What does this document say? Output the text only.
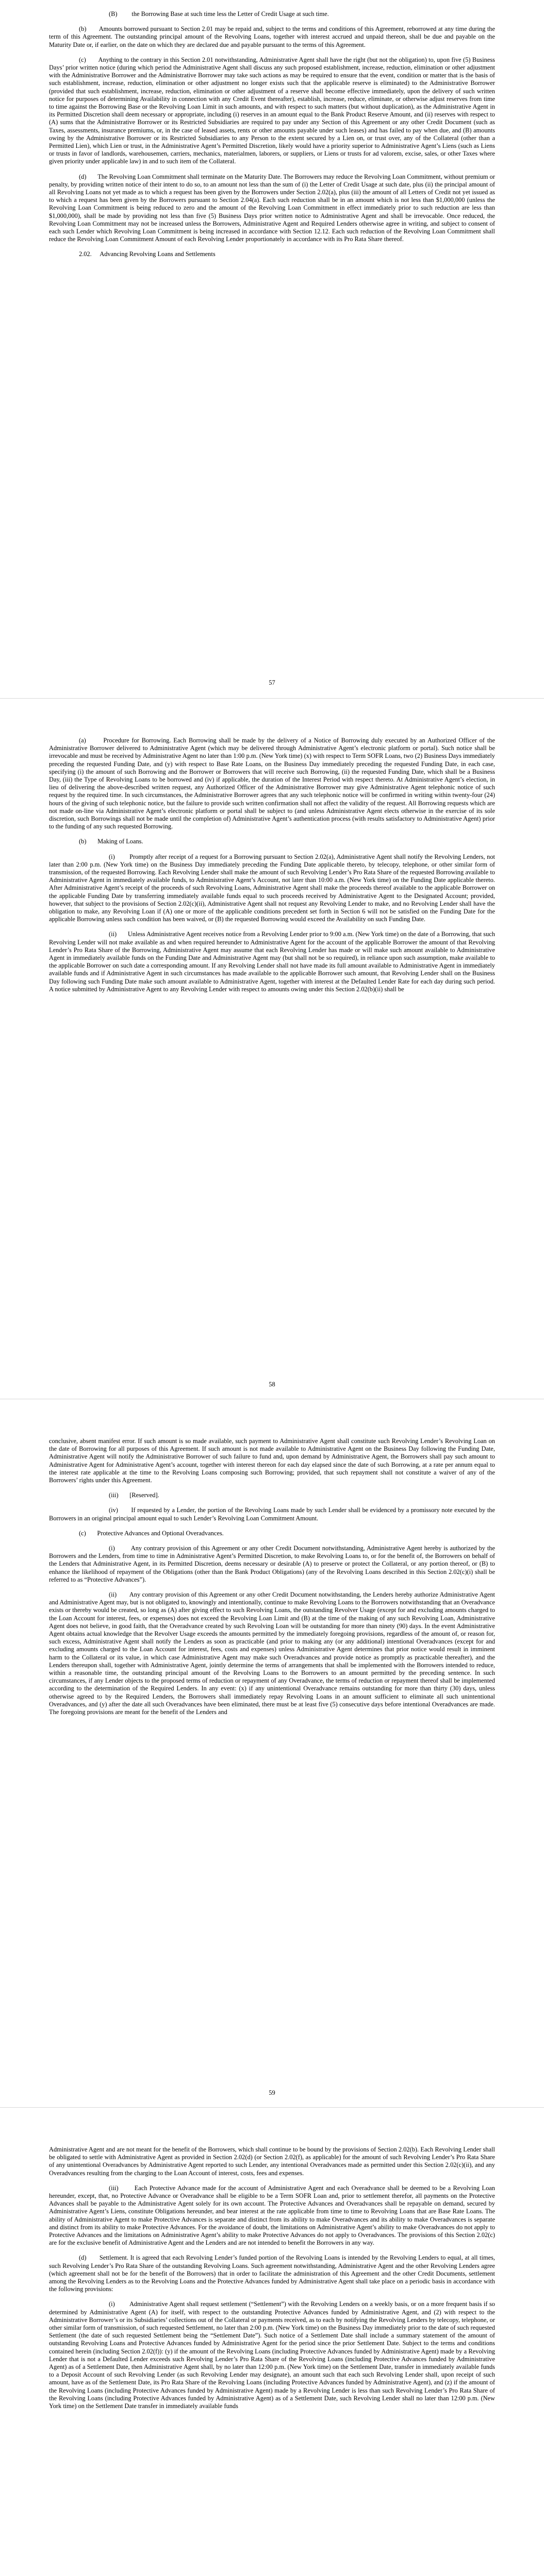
(B)         the Borrowing Base at such time less the Letter of Credit Usage at such time.

(b)       Amounts borrowed pursuant to Section 2.01 may be repaid and, subject to the terms and conditions of this Agreement, reborrowed at any time during the term of this Agreement. The outstanding principal amount of the Revolving Loans, together with interest accrued and unpaid thereon, shall be due and payable on the Maturity Date or, if earlier, on the date on which they are declared due and payable pursuant to the terms of this Agreement.

(c)       Anything to the contrary in this Section 2.01 notwithstanding, Administrative Agent shall have the right (but not the obligation) to, upon five (5) Business Days’ prior written notice (during which period the Administrative Agent shall discuss any such proposed establishment, increase, reduction, elimination or other adjustment with the Administrative Borrower and the Administrative Borrower may take such actions as may be required to ensure that the event, condition or matter that is the basis of such establishment, increase, reduction, elimination or other adjustment no longer exists such that the applicable reserve is eliminated) to the Administrative Borrower (provided that such establishment, increase, reduction, elimination or other adjustment of a reserve shall become effective immediately, upon the delivery of such written notice for purposes of determining Availability in connection with any Credit Event thereafter), establish, increase, reduce, eliminate, or otherwise adjust reserves from time to time against the Borrowing Base or the Revolving Loan Limit in such amounts, and with respect to such matters (but without duplication), as the Administrative Agent in its Permitted Discretion shall deem necessary or appropriate, including (i) reserves in an amount equal to the Bank Product Reserve Amount, and (ii) reserves with respect to (A) sums that the Administrative Borrower or its Restricted Subsidiaries are required to pay under any Section of this Agreement or any other Credit Document (such as Taxes, assessments, insurance premiums, or, in the case of leased assets, rents or other amounts payable under such leases) and has failed to pay when due, and (B) amounts owing by the Administrative Borrower or its Restricted Subsidiaries to any Person to the extent secured by a Lien on, or trust over, any of the Collateral (other than a Permitted Lien), which Lien or trust, in the Administrative Agent’s Permitted Discretion, likely would have a priority superior to Administrative Agent’s Liens (such as Liens or trusts in favor of landlords, warehousemen, carriers, mechanics, materialmen, laborers, or suppliers, or Liens or trusts for ad valorem, excise, sales, or other Taxes where given priority under applicable law) in and to such item of the Collateral.

(d)       The Revolving Loan Commitment shall terminate on the Maturity Date. The Borrowers may reduce the Revolving Loan Commitment, without premium or penalty, by providing written notice of their intent to do so, to an amount not less than the sum of (i) the Letter of Credit Usage at such date, plus (ii) the principal amount of all Revolving Loans not yet made as to which a request has been given by the Borrowers under Section 2.02(a), plus (iii) the amount of all Letters of Credit not yet issued as to which a request has been given by the Borrowers pursuant to Section 2.04(a). Each such reduction shall be in an amount which is not less than $1,000,000 (unless the Revolving Loan Commitment is being reduced to zero and the amount of the Revolving Loan Commitment in effect immediately prior to such reduction are less than $1,000,000), shall be made by providing not less than five (5) Business Days prior written notice to Administrative Agent and shall be irrevocable. Once reduced, the Revolving Loan Commitment may not be increased unless the Borrowers, Administrative Agent and Required Lenders otherwise agree in writing, and subject to consent of each such Lender which Revolving Loan Commitment is being increased in accordance with Section 12.12. Each such reduction of the Revolving Loan Commitment shall reduce the Revolving Loan Commitment Amount of each Revolving Lender proportionately in accordance with its Pro Rata Share thereof.

2.02.     Advancing Revolving Loans and Settlements

57

(a)       Procedure for Borrowing. Each Borrowing shall be made by the delivery of a Notice of Borrowing duly executed by an Authorized Officer of the Administrative Borrower delivered to Administrative Agent (which may be delivered through Administrative Agent’s electronic platform or portal). Such notice shall be irrevocable and must be received by Administrative Agent no later than 1:00 p.m. (New York time) (x) with respect to Term SOFR Loans, two (2) Business Days immediately preceding the requested Funding Date, and (y) with respect to Base Rate Loans, on the Business Day immediately preceding the requested Funding Date, in each case, specifying (i) the amount of such Borrowing and the Borrower or Borrowers that will receive such Borrowing, (ii) the requested Funding Date, which shall be a Business Day, (iii) the Type of Revolving Loans to be borrowed and (iv) if applicable, the duration of the Interest Period with respect thereto. At Administrative Agent’s election, in lieu of delivering the above-described written request, any Authorized Officer of the Administrative Borrower may give Administrative Agent telephonic notice of such request by the required time. In such circumstances, the Administrative Borrower agrees that any such telephonic notice will be confirmed in writing within twenty-four (24) hours of the giving of such telephonic notice, but the failure to provide such written confirmation shall not affect the validity of the request. All Borrowing requests which are not made on-line via Administrative Agent’s electronic platform or portal shall be subject to (and unless Administrative Agent elects otherwise in the exercise of its sole discretion, such Borrowings shall not be made until the completion of) Administrative Agent’s authentication process (with results satisfactory to Administrative Agent) prior to the funding of any such requested Borrowing.

(b)       Making of Loans.

(i)        Promptly after receipt of a request for a Borrowing pursuant to Section 2.02(a), Administrative Agent shall notify the Revolving Lenders, not later than 2:00 p.m. (New York time) on the Business Day immediately preceding the Funding Date applicable thereto, by telecopy, telephone, or other similar form of transmission, of the requested Borrowing. Each Revolving Lender shall make the amount of such Revolving Lender’s Pro Rata Share of the requested Borrowing available to Administrative Agent in immediately available funds, to Administrative Agent’s Account, not later than 10:00 a.m. (New York time) on the Funding Date applicable thereto. After Administrative Agent’s receipt of the proceeds of such Revolving Loans, Administrative Agent shall make the proceeds thereof available to the applicable Borrower on the applicable Funding Date by transferring immediately available funds equal to such proceeds received by Administrative Agent to the Designated Account; provided, however, that subject to the provisions of Section 2.02(c)(ii), Administrative Agent shall not request any Revolving Lender to make, and no Revolving Lender shall have the obligation to make, any Revolving Loan if (A) one or more of the applicable conditions precedent set forth in Section 6 will not be satisfied on the Funding Date for the applicable Borrowing unless such condition has been waived, or (B) the requested Borrowing would exceed the Availability on such Funding Date.

(ii)       Unless Administrative Agent receives notice from a Revolving Lender prior to 9:00 a.m. (New York time) on the date of a Borrowing, that such Revolving Lender will not make available as and when required hereunder to Administrative Agent for the account of the applicable Borrower the amount of that Revolving Lender’s Pro Rata Share of the Borrowing, Administrative Agent may assume that each Revolving Lender has made or will make such amount available to Administrative Agent in immediately available funds on the Funding Date and Administrative Agent may (but shall not be so required), in reliance upon such assumption, make available to the applicable Borrower on such date a corresponding amount. If any Revolving Lender shall not have made its full amount available to Administrative Agent in immediately available funds and if Administrative Agent in such circumstances has made available to the applicable Borrower such amount, that Revolving Lender shall on the Business Day following such Funding Date make such amount available to Administrative Agent, together with interest at the Defaulted Lender Rate for each day during such period. A notice submitted by Administrative Agent to any Revolving Lender with respect to amounts owing under this Section 2.02(b)(ii) shall be

58

conclusive, absent manifest error. If such amount is so made available, such payment to Administrative Agent shall constitute such Revolving Lender’s Revolving Loan on the date of Borrowing for all purposes of this Agreement. If such amount is not made available to Administrative Agent on the Business Day following the Funding Date, Administrative Agent will notify the Administrative Borrower of such failure to fund and, upon demand by Administrative Agent, the Borrowers shall pay such amount to Administrative Agent for Administrative Agent’s account, together with interest thereon for each day elapsed since the date of such Borrowing, at a rate per annum equal to the interest rate applicable at the time to the Revolving Loans composing such Borrowing; provided, that such repayment shall not constitute a waiver of any of the Borrowers’ rights under this Agreement.

(iii)       [Reserved].

(iv)       If requested by a Lender, the portion of the Revolving Loans made by such Lender shall be evidenced by a promissory note executed by the Borrowers in an original principal amount equal to such Lender’s Revolving Loan Commitment Amount.

(c)       Protective Advances and Optional Overadvances.

(i)        Any contrary provision of this Agreement or any other Credit Document notwithstanding, Administrative Agent hereby is authorized by the Borrowers and the Lenders, from time to time in Administrative Agent’s Permitted Discretion, to make Revolving Loans to, or for the benefit of, the Borrowers on behalf of the Lenders that Administrative Agent, in its Permitted Discretion, deems necessary or desirable (A) to preserve or protect the Collateral, or any portion thereof, or (B) to enhance the likelihood of repayment of the Obligations (other than the Bank Product Obligations) (any of the Revolving Loans described in this Section 2.02(c)(i) shall be referred to as “Protective Advances”).

(ii)       Any contrary provision of this Agreement or any other Credit Document notwithstanding, the Lenders hereby authorize Administrative Agent and Administrative Agent may, but is not obligated to, knowingly and intentionally, continue to make Revolving Loans to the Borrowers notwithstanding that an Overadvance exists or thereby would be created, so long as (A) after giving effect to such Revolving Loans, the outstanding Revolver Usage (except for and excluding amounts charged to the Loan Account for interest, fees, or expenses) does not exceed the Revolving Loan Limit and (B) at the time of the making of any such Revolving Loan, Administrative Agent does not believe, in good faith, that the Overadvance created by such Revolving Loan will be outstanding for more than ninety (90) days. In the event Administrative Agent obtains actual knowledge that the Revolver Usage exceeds the amounts permitted by the immediately foregoing provisions, regardless of the amount of, or reason for, such excess, Administrative Agent shall notify the Lenders as soon as practicable (and prior to making any (or any additional) intentional Overadvances (except for and excluding amounts charged to the Loan Account for interest, fees, costs and expenses) unless Administrative Agent determines that prior notice would result in imminent harm to the Collateral or its value, in which case Administrative Agent may make such Overadvances and provide notice as promptly as practicable thereafter), and the Lenders thereupon shall, together with Administrative Agent, jointly determine the terms of arrangements that shall be implemented with the Borrowers intended to reduce, within a reasonable time, the outstanding principal amount of the Revolving Loans to the Borrowers to an amount permitted by the preceding sentence. In such circumstances, if any Lender objects to the proposed terms of reduction or repayment of any Overadvance, the terms of reduction or repayment thereof shall be implemented according to the determination of the Required Lenders. In any event: (x) if any unintentional Overadvance remains outstanding for more than thirty (30) days, unless otherwise agreed to by the Required Lenders, the Borrowers shall immediately repay Revolving Loans in an amount sufficient to eliminate all such unintentional Overadvances, and (y) after the date all such Overadvances have been eliminated, there must be at least five (5) consecutive days before intentional Overadvances are made. The foregoing provisions are meant for the benefit of the Lenders and

59

Administrative Agent and are not meant for the benefit of the Borrowers, which shall continue to be bound by the provisions of Section 2.02(b). Each Revolving Lender shall be obligated to settle with Administrative Agent as provided in Section 2.02(d) (or Section 2.02(f), as applicable) for the amount of such Revolving Lender’s Pro Rata Share of any unintentional Overadvances by Administrative Agent reported to such Lender, any intentional Overadvances made as permitted under this Section 2.02(c)(ii), and any Overadvances resulting from the charging to the Loan Account of interest, costs, fees and expenses.

(iii)       Each Protective Advance made for the account of Administrative Agent and each Overadvance shall be deemed to be a Revolving Loan hereunder, except, that, no Protective Advance or Overadvance shall be eligible to be a Term SOFR Loan and, prior to settlement therefor, all payments on the Protective Advances shall be payable to the Administrative Agent solely for its own account. The Protective Advances and Overadvances shall be repayable on demand, secured by Administrative Agent’s Liens, constitute Obligations hereunder, and bear interest at the rate applicable from time to time to Revolving Loans that are Base Rate Loans. The ability of Administrative Agent to make Protective Advances is separate and distinct from its ability to make Overadvances and its ability to make Overadvances is separate and distinct from its ability to make Protective Advances. For the avoidance of doubt, the limitations on Administrative Agent’s ability to make Overadvances do not apply to Protective Advances and the limitations on Administrative Agent’s ability to make Protective Advances do not apply to Overadvances. The provisions of this Section 2.02(c) are for the exclusive benefit of Administrative Agent and the Lenders and are not intended to benefit the Borrowers in any way.

(d)       Settlement. It is agreed that each Revolving Lender’s funded portion of the Revolving Loans is intended by the Revolving Lenders to equal, at all times, such Revolving Lender’s Pro Rata Share of the outstanding Revolving Loans. Such agreement notwithstanding, Administrative Agent and the other Revolving Lenders agree (which agreement shall not be for the benefit of the Borrowers) that in order to facilitate the administration of this Agreement and the other Credit Documents, settlement among the Revolving Lenders as to the Revolving Loans and the Protective Advances funded by Administrative Agent shall take place on a periodic basis in accordance with the following provisions:

(i)        Administrative Agent shall request settlement (“Settlement”) with the Revolving Lenders on a weekly basis, or on a more frequent basis if so determined by Administrative Agent (A) for itself, with respect to the outstanding Protective Advances funded by Administrative Agent, and (2) with respect to the Administrative Borrower’s or its Subsidiaries’ collections out of the Collateral or payments received, as to each by notifying the Revolving Lenders by telecopy, telephone, or other similar form of transmission, of such requested Settlement, no later than 2:00 p.m. (New York time) on the Business Day immediately prior to the date of such requested Settlement (the date of such requested Settlement being the “Settlement Date”). Such notice of a Settlement Date shall include a summary statement of the amount of outstanding Revolving Loans and Protective Advances funded by Administrative Agent for the period since the prior Settlement Date. Subject to the terms and conditions contained herein (including Section 2.02(f)): (y) if the amount of the Revolving Loans (including Protective Advances funded by Administrative Agent) made by a Revolving Lender that is not a Defaulted Lender exceeds such Revolving Lender’s Pro Rata Share of the Revolving Loans (including Protective Advances funded by Administrative Agent) as of a Settlement Date, then Administrative Agent shall, by no later than 12:00 p.m. (New York time) on the Settlement Date, transfer in immediately available funds to a Deposit Account of such Revolving Lender (as such Revolving Lender may designate), an amount such that each such Revolving Lender shall, upon receipt of such amount, have as of the Settlement Date, its Pro Rata Share of the Revolving Loans (including Protective Advances funded by Administrative Agent), and (z) if the amount of the Revolving Loans (including Protective Advances funded by Administrative Agent) made by a Revolving Lender is less than such Revolving Lender’s Pro Rata Share of the Revolving Loans (including Protective Advances funded by Administrative Agent) as of a Settlement Date, such Revolving Lender shall no later than 12:00 p.m. (New York time) on the Settlement Date transfer in immediately available funds
